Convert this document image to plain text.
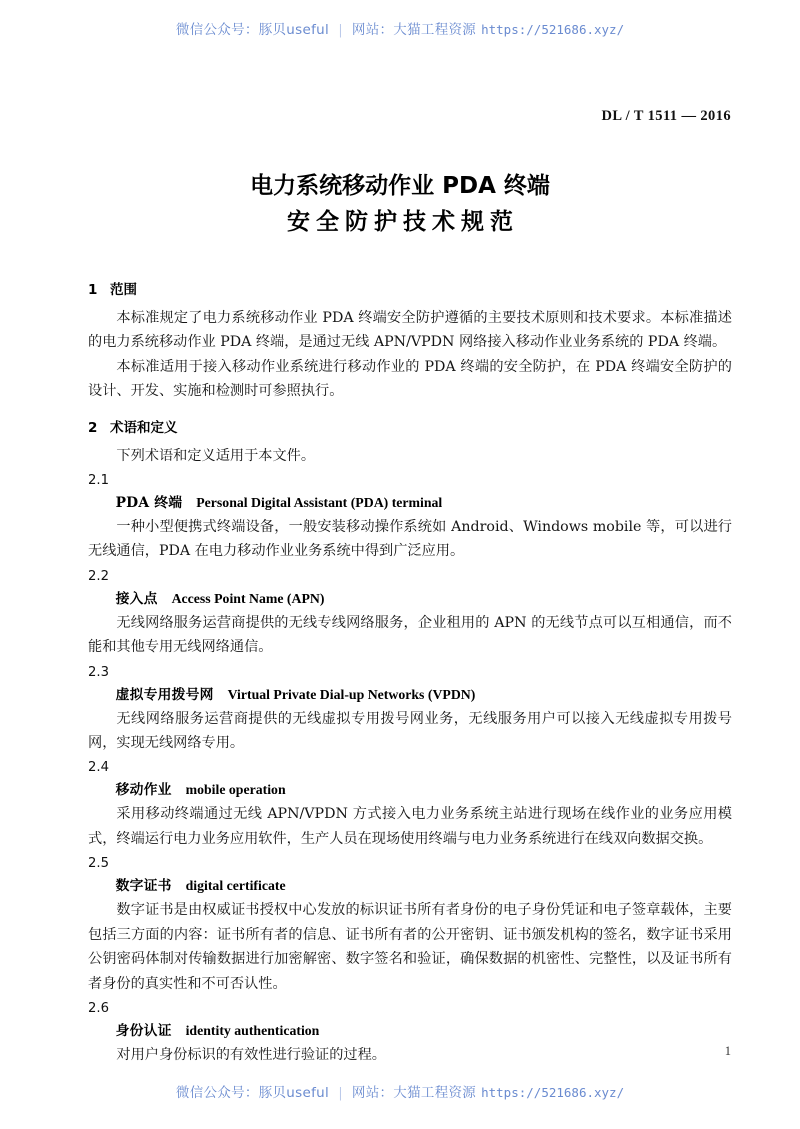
微信公众号：豚贝useful | 网站：大猫工程资源 https://521686.xyz/
DL / T 1511 — 2016
电力系统移动作业 PDA 终端
安全防护技术规范
1 范围

本标准规定了电力系统移动作业 PDA 终端安全防护遵循的主要技术原则和技术要求。本标准描述的电力系统移动作业 PDA 终端，是通过无线 APN/VPDN 网络接入移动作业业务系统的 PDA 终端。

本标准适用于接入移动作业系统进行移动作业的 PDA 终端的安全防护，在 PDA 终端安全防护的设计、开发、实施和检测时可参照执行。

2 术语和定义

下列术语和定义适用于本文件。

2.1
PDA 终端 Personal Digital Assistant (PDA) terminal

一种小型便携式终端设备，一般安装移动操作系统如 Android、Windows mobile 等，可以进行无线通信，PDA 在电力移动作业业务系统中得到广泛应用。

2.2
接入点 Access Point Name (APN)

无线网络服务运营商提供的无线专线网络服务，企业租用的 APN 的无线节点可以互相通信，而不能和其他专用无线网络通信。

2.3
虚拟专用拨号网 Virtual Private Dial-up Networks (VPDN)

无线网络服务运营商提供的无线虚拟专用拨号网业务，无线服务用户可以接入无线虚拟专用拨号网，实现无线网络专用。

2.4
移动作业 mobile operation

采用移动终端通过无线 APN/VPDN 方式接入电力业务系统主站进行现场在线作业的业务应用模式，终端运行电力业务应用软件，生产人员在现场使用终端与电力业务系统进行在线双向数据交换。

2.5
数字证书 digital certificate

数字证书是由权威证书授权中心发放的标识证书所有者身份的电子身份凭证和电子签章载体，主要包括三方面的内容：证书所有者的信息、证书所有者的公开密钥、证书颁发机构的签名，数字证书采用公钥密码体制对传输数据进行加密解密、数字签名和验证，确保数据的机密性、完整性，以及证书所有者身份的真实性和不可否认性。

2.6
身份认证 identity authentication

对用户身份标识的有效性进行验证的过程。	1
微信公众号：豚贝useful | 网站：大猫工程资源 https://521686.xyz/
